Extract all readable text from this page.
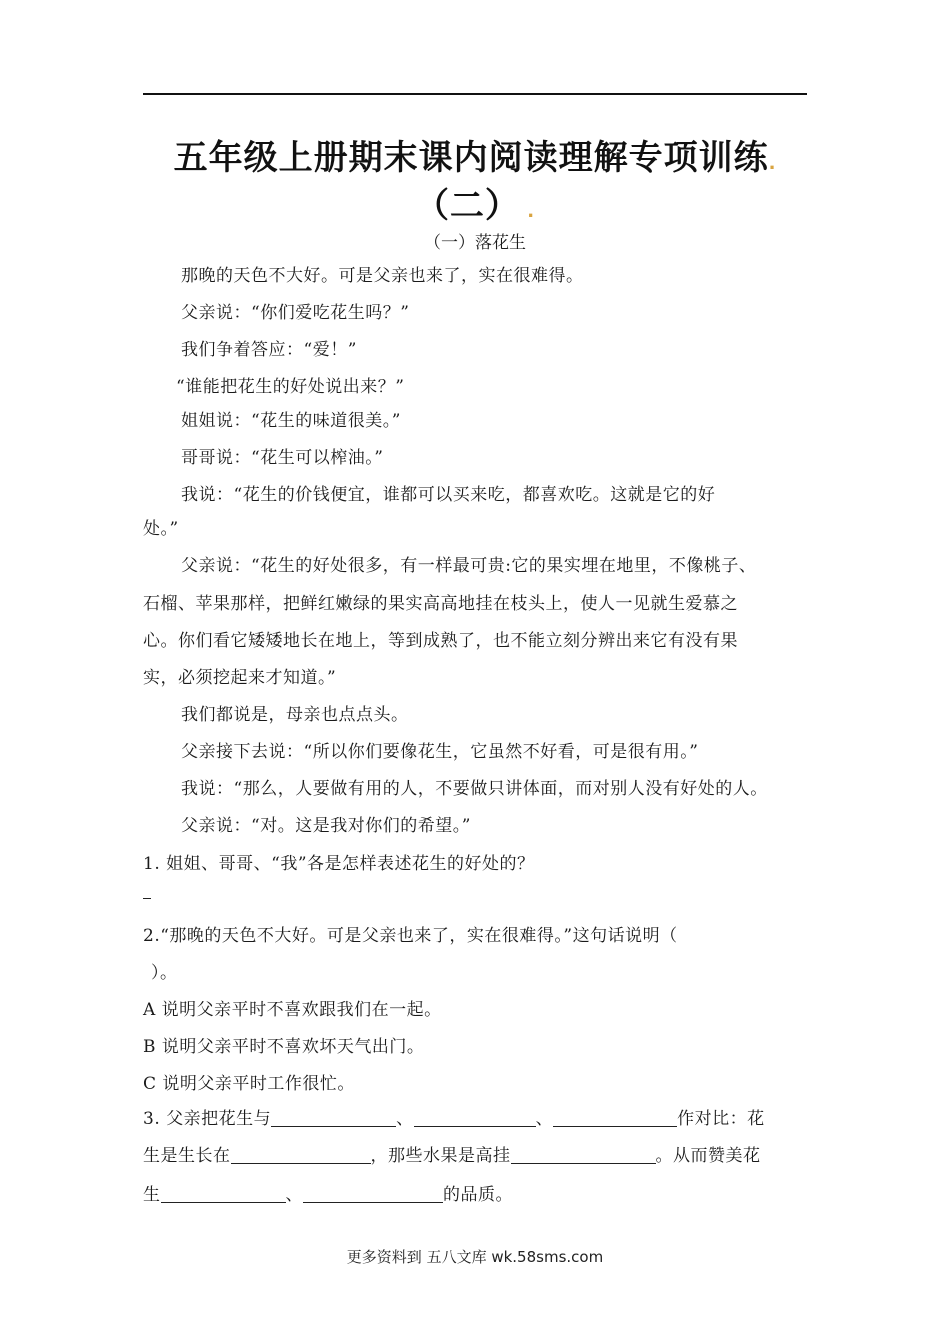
五年级上册期末课内阅读理解专项训练.
（二） .
（一）落花生
那晚的天色不大好。可是父亲也来了，实在很难得。
父亲说：“你们爱吃花生吗？”
我们争着答应：“爱！”
“谁能把花生的好处说出来？”
姐姐说：“花生的味道很美。”
哥哥说：“花生可以榨油。”
我说：“花生的价钱便宜，谁都可以买来吃，都喜欢吃。这就是它的好
处。”
父亲说：“花生的好处很多，有一样最可贵:它的果实埋在地里，不像桃子、
石榴、苹果那样，把鲜红嫩绿的果实高高地挂在枝头上，使人一见就生爱慕之
心。你们看它矮矮地长在地上，等到成熟了，也不能立刻分辨出来它有没有果
实，必须挖起来才知道。”
我们都说是，母亲也点点头。
父亲接下去说：“所以你们要像花生，它虽然不好看，可是很有用。”
我说：“那么，人要做有用的人，不要做只讲体面，而对别人没有好处的人。
父亲说：“对。这是我对你们的希望。”
1. 姐姐、哥哥、“我”各是怎样表述花生的好处的？
2.“那晚的天色不大好。可是父亲也来了，实在很难得。”这句话说明（
）。
A 说明父亲平时不喜欢跟我们在一起。
B 说明父亲平时不喜欢坏天气出门。
C 说明父亲平时工作很忙。
3. 父亲把花生与	、	、	作对比：花
生是生长在	，那些水果是高挂	。从而赞美花
生	、	的品质。
更多资料到 五八文库 wk.58sms.com
